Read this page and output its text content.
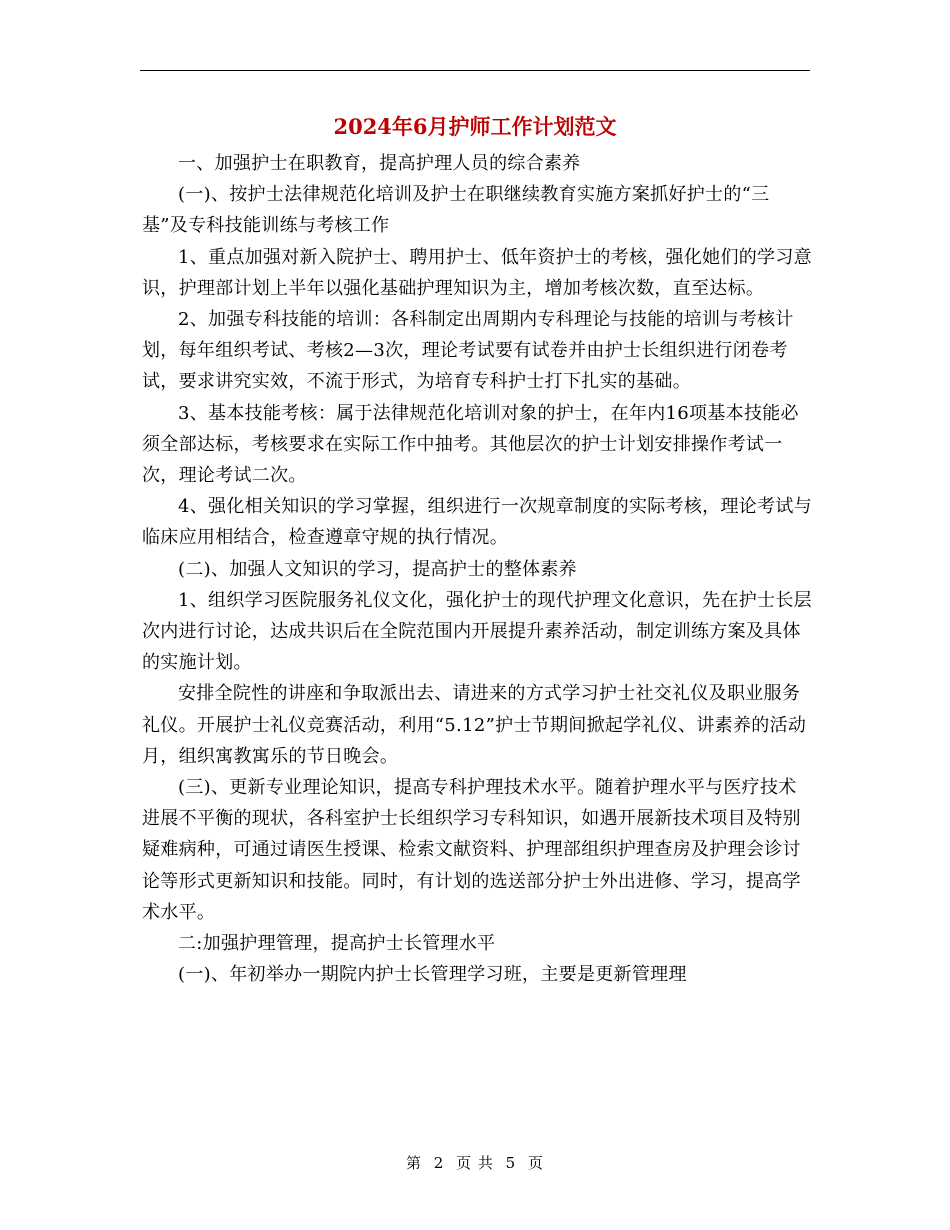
2024年6月护师工作计划范文

一、加强护士在职教育，提高护理人员的综合素养

(一)、按护士法律规范化培训及护士在职继续教育实施方案抓好护士的“三基”及专科技能训练与考核工作

1、重点加强对新入院护士、聘用护士、低年资护士的考核，强化她们的学习意识，护理部计划上半年以强化基础护理知识为主，增加考核次数，直至达标。

2、加强专科技能的培训：各科制定出周期内专科理论与技能的培训与考核计划，每年组织考试、考核2—3次，理论考试要有试卷并由护士长组织进行闭卷考试，要求讲究实效，不流于形式，为培育专科护士打下扎实的基础。

3、基本技能考核：属于法律规范化培训对象的护士，在年内16项基本技能必须全部达标，考核要求在实际工作中抽考。其他层次的护士计划安排操作考试一次，理论考试二次。

4、强化相关知识的学习掌握，组织进行一次规章制度的实际考核，理论考试与临床应用相结合，检查遵章守规的执行情况。

(二)、加强人文知识的学习，提高护士的整体素养

1、组织学习医院服务礼仪文化，强化护士的现代护理文化意识，先在护士长层次内进行讨论，达成共识后在全院范围内开展提升素养活动，制定训练方案及具体的实施计划。

安排全院性的讲座和争取派出去、请进来的方式学习护士社交礼仪及职业服务礼仪。开展护士礼仪竞赛活动，利用“5.12”护士节期间掀起学礼仪、讲素养的活动月，组织寓教寓乐的节日晚会。

(三)、更新专业理论知识，提高专科护理技术水平。随着护理水平与医疗技术进展不平衡的现状，各科室护士长组织学习专科知识，如遇开展新技术项目及特别疑难病种，可通过请医生授课、检索文献资料、护理部组织护理查房及护理会诊讨论等形式更新知识和技能。同时，有计划的选送部分护士外出进修、学习，提高学术水平。

二:加强护理管理，提高护士长管理水平

(一)、年初举办一期院内护士长管理学习班，主要是更新管理理

第 2 页 共 5 页
